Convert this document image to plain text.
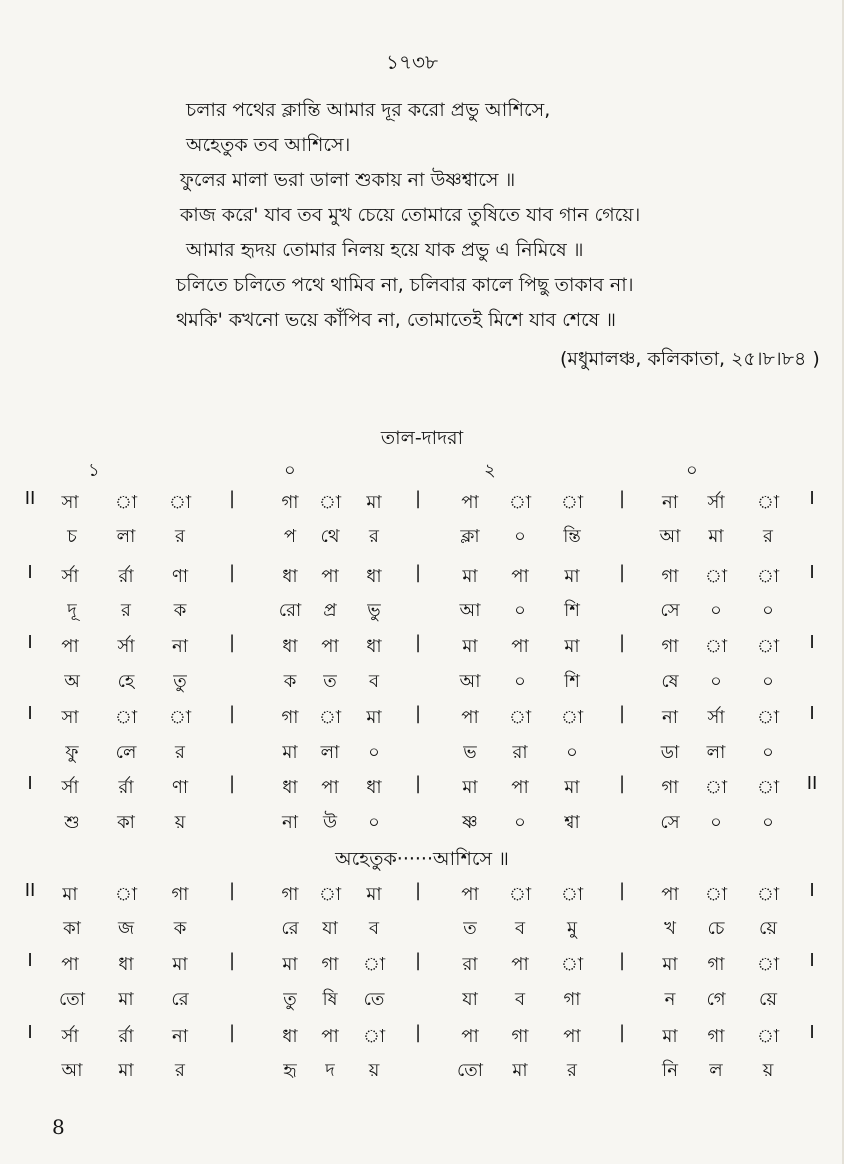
১৭৩৮
চলার পথের ক্লান্তি আমার দূর করো প্রভু আশিসে,
অহেতুক তব আশিসে।
ফুলের মালা ভরা ডালা শুকায় না উষ্ণশ্বাসে ॥
কাজ করে' যাব তব মুখ চেয়ে তোমারে তুষিতে যাব গান গেয়ে।
আমার হৃদয় তোমার নিলয় হয়ে যাক প্রভু এ নিমিষে ॥
চলিতে চলিতে পথে থামিব না, চলিবার কালে পিছু তাকাব না।
থমকি' কখনো ভয়ে কাঁপিব না, তোমাতেই মিশে যাব শেষে ॥
(মধুমালঞ্চ, কলিকাতা, ২৫।৮।৮৪ )
তাল-দাদরা
১	০	২	০
II সা া া |	গা া মা | পা া া | না র্সা া I
চ লা র	প থে র	ক্লা ০ ন্তি	আ মা র
I র্সা র্রা ণা |	ধা পা ধা | মা পা মা | গা া া I
দূ র ক	রো প্র ভু	আ ০ শি	সে ০ ০
I পা র্সা না |	ধা পা ধা | মা পা মা | গা া া I
অ হে তু	ক ত ব	আ ০ শি	ষে ০ ০
I সা া া |	গা া মা | পা া া | না র্সা া I
ফু লে র	মা লা ০	ভ রা ০	ডা লা ০
I র্সা র্রা ণা |	ধা পা ধা | মা পা মা | গা া া II
শু কা য়	না উ ০	ষ্ণ ০ শ্বা	সে ০ ০
II মা া গা |	গা া মা | পা া া | পা া া I
কা জ ক	রে যা ব	ত ব মু	খ চে য়ে
I পা ধা মা |	মা গা া | রা পা া | মা গা া I
তো মা রে	তু ষি তে	যা ব গা	ন গে য়ে
I র্সা র্রা না |	ধা পা া | পা গা পা | মা গা া I
আ মা র	হৃ দ য়	তো মা র	নি ল য়
অহেতুক······আশিসে ॥
8
